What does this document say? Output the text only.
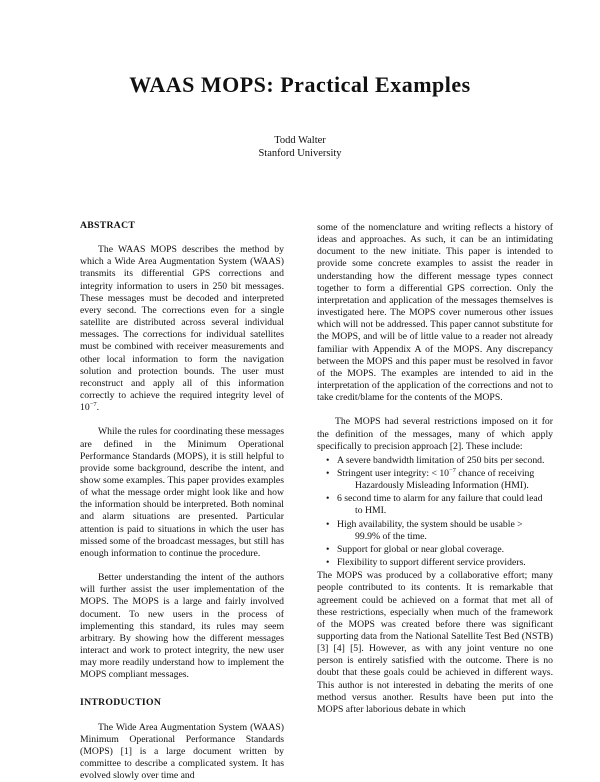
WAAS MOPS: Practical Examples
Todd Walter
Stanford University
ABSTRACT

The WAAS MOPS describes the method by which a Wide Area Augmentation System (WAAS) transmits its differential GPS corrections and integrity information to users in 250 bit messages. These messages must be decoded and interpreted every second. The corrections even for a single satellite are distributed across several individual messages. The corrections for individual satellites must be combined with receiver measurements and other local information to form the navigation solution and protection bounds. The user must reconstruct and apply all of this information correctly to achieve the required integrity level of $10^{-7}$.

While the rules for coordinating these messages are defined in the Minimum Operational Performance Standards (MOPS), it is still helpful to provide some background, describe the intent, and show some examples. This paper provides examples of what the message order might look like and how the information should be interpreted. Both nominal and alarm situations are presented. Particular attention is paid to situations in which the user has missed some of the broadcast messages, but still has enough information to continue the procedure.

Better understanding the intent of the authors will further assist the user implementation of the MOPS. The MOPS is a large and fairly involved document. To new users in the process of implementing this standard, its rules may seem arbitrary. By showing how the different messages interact and work to protect integrity, the new user may more readily understand how to implement the MOPS compliant messages.

INTRODUCTION

The Wide Area Augmentation System (WAAS) Minimum Operational Performance Standards (MOPS) [1] is a large document written by committee to describe a complicated system. It has evolved slowly over time and

some of the nomenclature and writing reflects a history of ideas and approaches. As such, it can be an intimidating document to the new initiate. This paper is intended to provide some concrete examples to assist the reader in understanding how the different message types connect together to form a differential GPS correction. Only the interpretation and application of the messages themselves is investigated here. The MOPS cover numerous other issues which will not be addressed. This paper cannot substitute for the MOPS, and will be of little value to a reader not already familiar with Appendix A of the MOPS. Any discrepancy between the MOPS and this paper must be resolved in favor of the MOPS. The examples are intended to aid in the interpretation of the application of the corrections and not to take credit/blame for the contents of the MOPS.

The MOPS had several restrictions imposed on it for the definition of the messages, many of which apply specifically to precision approach [2]. These include:

• A severe bandwidth limitation of 250 bits per second.
• Stringent user integrity: < $10^{-7}$ chance of receiving
Hazardously Misleading Information (HMI).
• 6 second time to alarm for any failure that could lead
to HMI.
• High availability, the system should be usable >
99.9% of the time.
• Support for global or near global coverage.
• Flexibility to support different service providers.

The MOPS was produced by a collaborative effort; many people contributed to its contents. It is remarkable that agreement could be achieved on a format that met all of these restrictions, especially when much of the framework of the MOPS was created before there was significant supporting data from the National Satellite Test Bed (NSTB) [3] [4] [5]. However, as with any joint venture no one person is entirely satisfied with the outcome. There is no doubt that these goals could be achieved in different ways. This author is not interested in debating the merits of one method versus another. Results have been put into the MOPS after laborious debate in which
